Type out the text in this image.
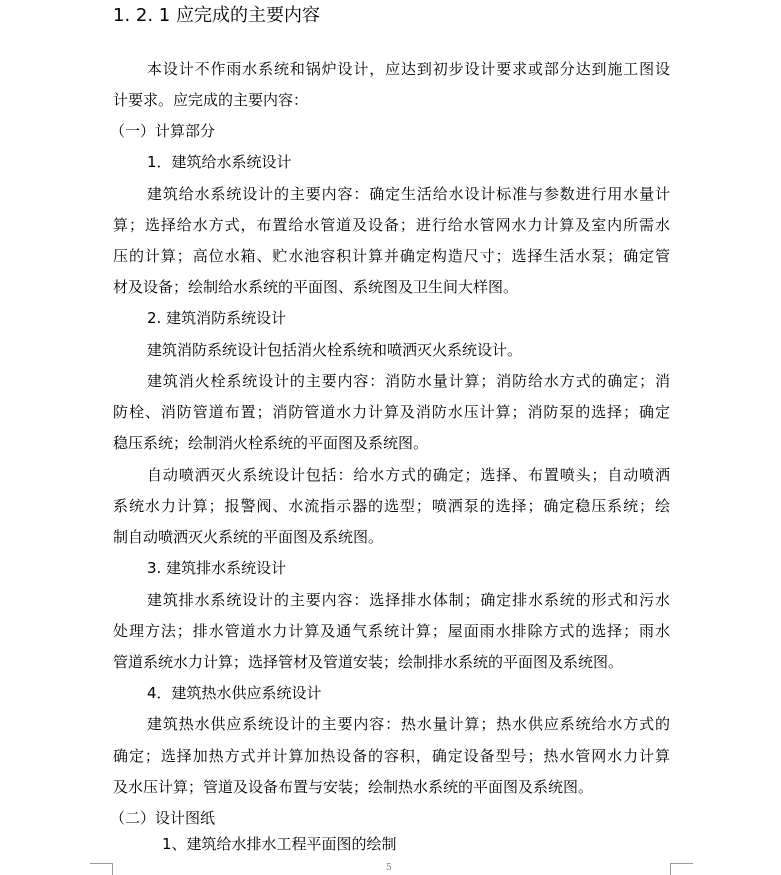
1. 2. 1 应完成的主要内容
本设计不作雨水系统和锅炉设计，应达到初步设计要求或部分达到施工图设
计要求。应完成的主要内容：
（一）计算部分
1．建筑给水系统设计
建筑给水系统设计的主要内容：确定生活给水设计标准与参数进行用水量计
算；选择给水方式，布置给水管道及设备；进行给水管网水力计算及室内所需水
压的计算；高位水箱、贮水池容积计算并确定构造尺寸；选择生活水泵；确定管
材及设备；绘制给水系统的平面图、系统图及卫生间大样图。
2. 建筑消防系统设计
建筑消防系统设计包括消火栓系统和喷洒灭火系统设计。
建筑消火栓系统设计的主要内容：消防水量计算；消防给水方式的确定；消
防栓、消防管道布置；消防管道水力计算及消防水压计算；消防泵的选择；确定
稳压系统；绘制消火栓系统的平面图及系统图。
自动喷洒灭火系统设计包括：给水方式的确定；选择、布置喷头；自动喷洒
系统水力计算；报警阀、水流指示器的选型；喷洒泵的选择；确定稳压系统；绘
制自动喷洒灭火系统的平面图及系统图。
3. 建筑排水系统设计
建筑排水系统设计的主要内容：选择排水体制；确定排水系统的形式和污水
处理方法；排水管道水力计算及通气系统计算；屋面雨水排除方式的选择；雨水
管道系统水力计算；选择管材及管道安装；绘制排水系统的平面图及系统图。
4．建筑热水供应系统设计
建筑热水供应系统设计的主要内容：热水量计算；热水供应系统给水方式的
确定；选择加热方式并计算加热设备的容积，确定设备型号；热水管网水力计算
及水压计算；管道及设备布置与安装；绘制热水系统的平面图及系统图。
（二）设计图纸
1、建筑给水排水工程平面图的绘制
5
